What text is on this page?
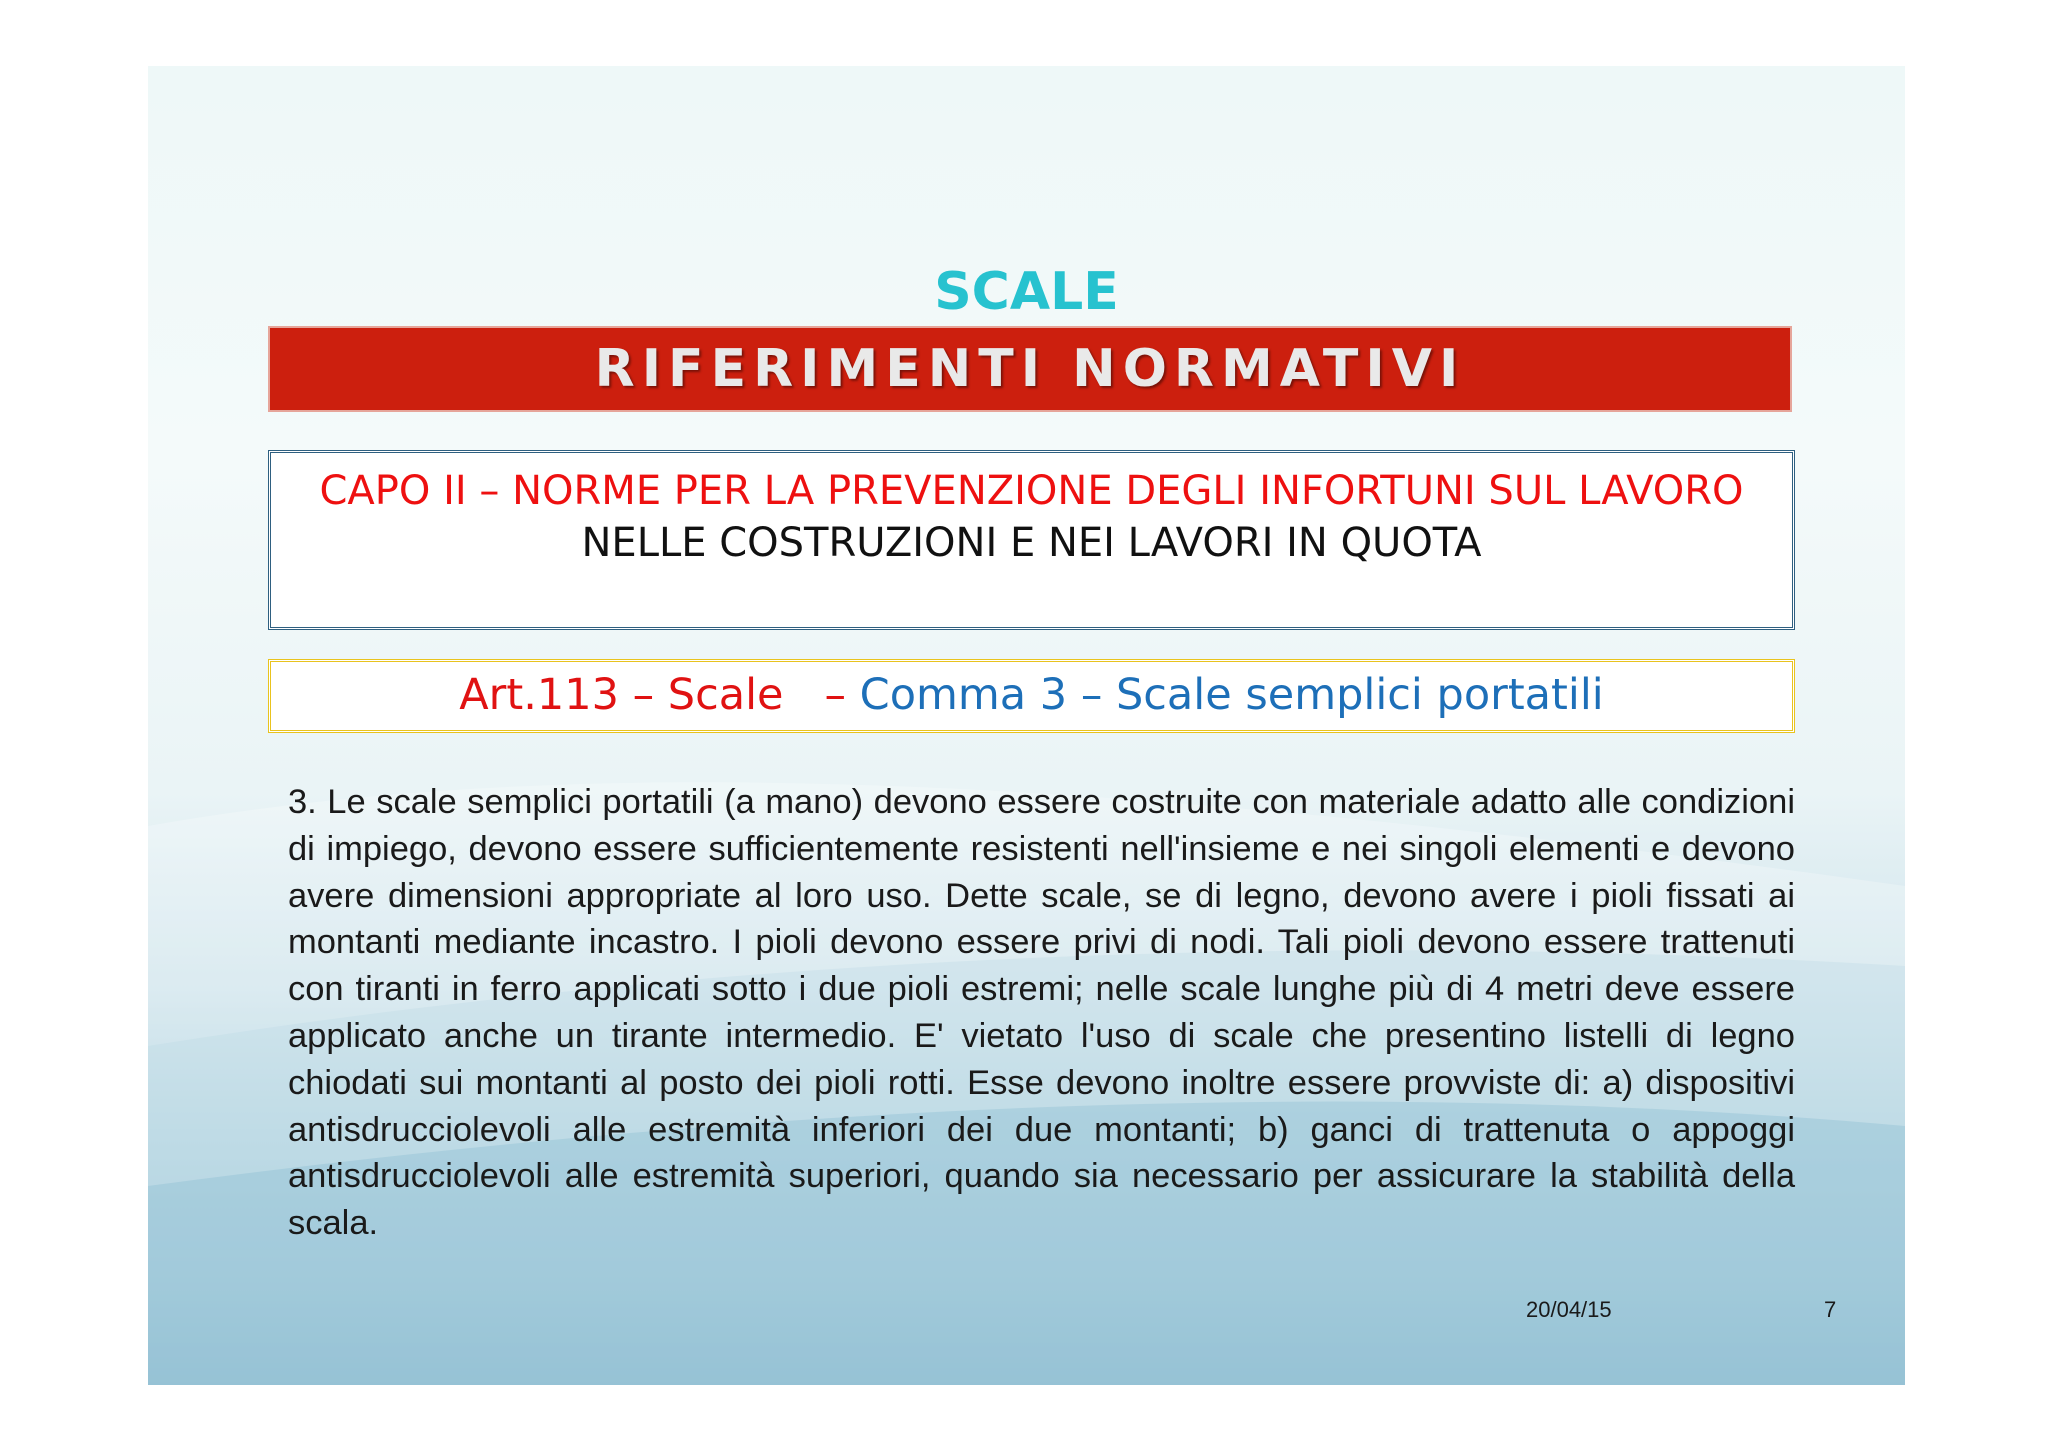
SCALE
RIFERIMENTI NORMATIVI
CAPO II – NORME PER LA PREVENZIONE DEGLI INFORTUNI SUL LAVORO
NELLE COSTRUZIONI E NEI LAVORI IN QUOTA
Art.113 – Scale   – Comma 3 – Scale semplici portatili
3. Le scale semplici portatili (a mano) devono essere costruite con materiale adatto alle condizioni di impiego, devono essere sufficientemente resistenti nell'insieme e nei singoli elementi e devono avere dimensioni appropriate al loro uso. Dette scale, se di legno, devono avere i pioli fissati ai montanti mediante incastro. I pioli devono essere privi di nodi. Tali pioli devono essere trattenuti con tiranti in ferro applicati sotto i due pioli estremi; nelle scale lunghe più di 4 metri deve essere applicato anche un tirante intermedio. E' vietato l'uso di scale che presentino listelli di legno chiodati sui montanti al posto dei pioli rotti. Esse devono inoltre essere provviste di: a) dispositivi antisdrucciolevoli alle estremità inferiori dei due montanti; b) ganci di trattenuta o appoggi antisdrucciolevoli alle estremità superiori, quando sia necessario per assicurare la stabilità della scala.
20/04/15	7
